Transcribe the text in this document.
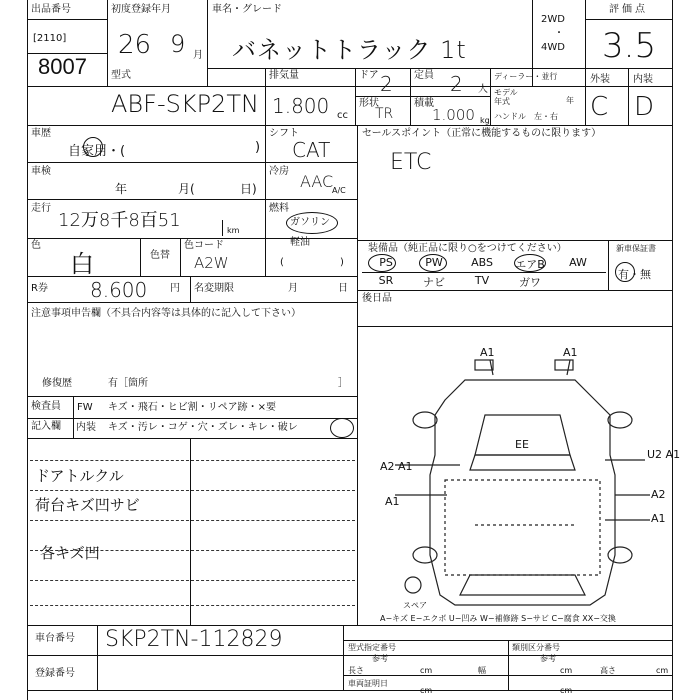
出品番号
[2110]
8007
初度登録年月
26 9 月
車名・グレード
バネットトラック 1t
2WD
・
4WD
評価点
3.5
型式
ABF-SKP2TN
排気量
1.800 cc
ドア 2 定員 2 人
ディーラー・並行
モデル年式	年
ハンドル 左・右
形状
TR
積載
1.000 kg
外装 内装
C D
車歴
自家用・(	)
車検
年	月(	日)
走行
12万8千8百51	km
色
白	色替
色コード
A2W
R券 8.600 円 名変期限	月	日
注意事項申告欄（不具合内容等は具体的に記入して下さい）
修復歴	有［箇所	］
シフト
CAT
冷房
AAC
A/C
燃料
ガソリン
軽油
(	)
セールスポイント（正常に機能するものに限ります）
ETC
装備品（純正品に限り○をつけてください）
PS	PW	ABS	エアB	AW
SR	ナビ	TV	ガワ
新車保証書
有・無
後日品
検査員
記入欄
FW キズ・飛石・ヒビ割・リペア跡・×要
内装 キズ・汚レ・コゲ・穴・ズレ・キレ・破レ
ドアトルクル
荷台キズ凹サビ
各キズ凹
A1	A1
U2 A1
A2
A1
A2 A1
A1
EE
スペア
A−キズ E−エクボ U−凹み W−補修跡 S−サビ C−腐食 XX−交換
車台番号 SKP2TN-112829
登録番号
型式指定番号
参考
類別区分番号
参考
長さ	cm	幅	cm	高さ	cm
車両証明日
cm	cm
